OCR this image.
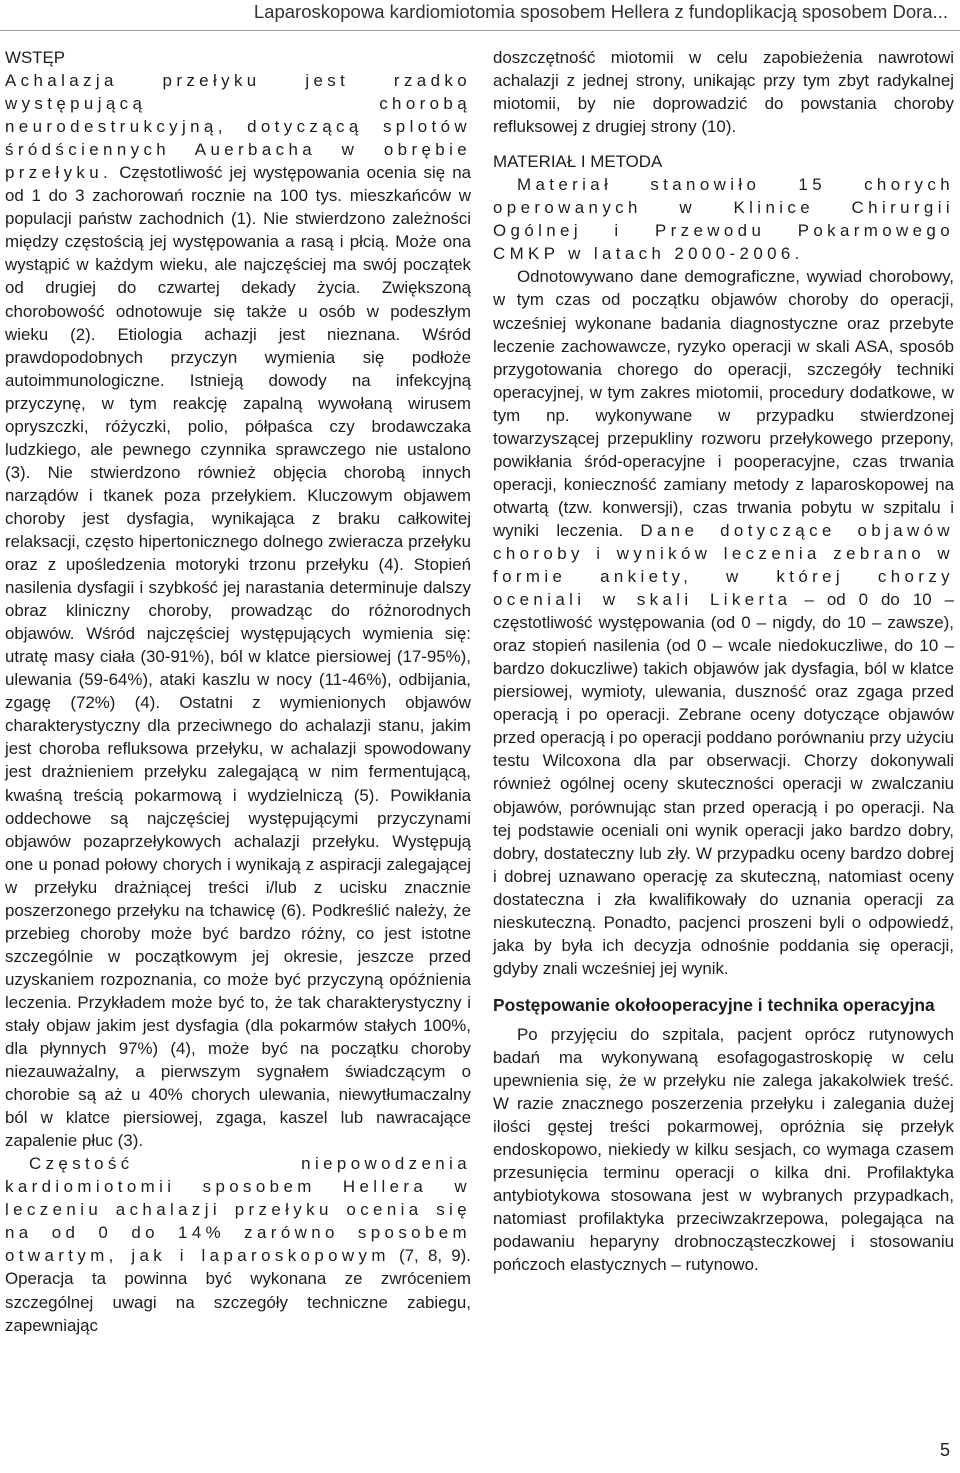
Laparoskopowa kardiomiotomia sposobem Hellera z fundoplikacją sposobem Dora...
WSTĘP

Achalazja przełyku jest rzadko występującą chorobą neurodestrukcyjną, dotyczącą splotów śródściennych Auerbacha w obrębie przełyku. Częstotliwość jej występowania ocenia się na od 1 do 3 zachorowań rocznie na 100 tys. mieszkańców w populacji państw zachodnich (1). Nie stwierdzono zależności między częstością jej występowania a rasą i płcią. Może ona wystąpić w każdym wieku, ale najczęściej ma swój początek od drugiej do czwartej dekady życia. Zwiększoną chorobowość odnotowuje się także u osób w podeszłym wieku (2). Etiologia achazji jest nieznana. Wśród prawdopodobnych przyczyn wymienia się podłoże autoimmunologiczne. Istnieją dowody na infekcyjną przyczynę, w tym reakcję zapalną wywołaną wirusem opryszczki, różyczki, polio, półpaśca czy brodawczaka ludzkiego, ale pewnego czynnika sprawczego nie ustalono (3). Nie stwierdzono również objęcia chorobą innych narządów i tkanek poza przełykiem. Kluczowym objawem choroby jest dysfagia, wynikająca z braku całkowitej relaksacji, często hipertonicznego dolnego zwieracza przełyku oraz z upośledzenia motoryki trzonu przełyku (4). Stopień nasilenia dysfagii i szybkość jej narastania determinuje dalszy obraz kliniczny choroby, prowadząc do różnorodnych objawów. Wśród najczęściej występujących wymienia się: utratę masy ciała (30-91%), ból w klatce piersiowej (17-95%), ulewania (59-64%), ataki kaszlu w nocy (11-46%), odbijania, zgagę (72%) (4). Ostatni z wymienionych objawów charakterystyczny dla przeciwnego do achalazji stanu, jakim jest choroba refluksowa przełyku, w achalazji spowodowany jest drażnieniem przełyku zalegającą w nim fermentującą, kwaśną treścią pokarmową i wydzielniczą (5). Powikłania oddechowe są najczęściej występującymi przyczynami objawów pozaprzełykowych achalazji przełyku. Występują one u ponad połowy chorych i wynikają z aspiracji zalegającej w przełyku drażniącej treści i/lub z ucisku znacznie poszerzonego przełyku na tchawicę (6). Podkreślić należy, że przebieg choroby może być bardzo różny, co jest istotne szczególnie w początkowym jej okresie, jeszcze przed uzyskaniem rozpoznania, co może być przyczyną opóźnienia leczenia. Przykładem może być to, że tak charakterystyczny i stały objaw jakim jest dysfagia (dla pokarmów stałych 100%, dla płynnych 97%) (4), może być na początku choroby niezauważalny, a pierwszym sygnałem świadczącym o chorobie są aż u 40% chorych ulewania, niewytłumaczalny ból w klatce piersiowej, zgaga, kaszel lub nawracające zapalenie płuc (3).

Częstość niepowodzenia kardiomiotomii sposobem Hellera w leczeniu achalazji przełyku ocenia się na od 0 do 14% zarówno sposobem otwartym, jak i laparoskopowym (7, 8, 9). Operacja ta powinna być wykonana ze zwróceniem szczególnej uwagi na szczegóły techniczne zabiegu, zapewniając

doszczętność miotomii w celu zapobieżenia nawrotowi achalazji z jednej strony, unikając przy tym zbyt radykalnej miotomii, by nie doprowadzić do powstania choroby refluksowej z drugiej strony (10).

MATERIAŁ I METODA

Materiał stanowiło 15 chorych operowanych w Klinice Chirurgii Ogólnej i Przewodu Pokarmowego CMKP w latach 2000-2006.

Odnotowywano dane demograficzne, wywiad chorobowy, w tym czas od początku objawów choroby do operacji, wcześniej wykonane badania diagnostyczne oraz przebyte leczenie zachowawcze, ryzyko operacji w skali ASA, sposób przygotowania chorego do operacji, szczegóły techniki operacyjnej, w tym zakres miotomii, procedury dodatkowe, w tym np. wykonywane w przypadku stwierdzonej towarzyszącej przepukliny rozworu przełykowego przepony, powikłania śród-operacyjne i pooperacyjne, czas trwania operacji, konieczność zamiany metody z laparoskopowej na otwartą (tzw. konwersji), czas trwania pobytu w szpitalu i wyniki leczenia. Dane dotyczące objawów choroby i wyników leczenia zebrano w formie ankiety, w której chorzy oceniali w skali Likerta – od 0 do 10 – częstotliwość występowania (od 0 – nigdy, do 10 – zawsze), oraz stopień nasilenia (od 0 – wcale niedokuczliwe, do 10 – bardzo dokuczliwe) takich objawów jak dysfagia, ból w klatce piersiowej, wymioty, ulewania, duszność oraz zgaga przed operacją i po operacji. Zebrane oceny dotyczące objawów przed operacją i po operacji poddano porównaniu przy użyciu testu Wilcoxona dla par obserwacji. Chorzy dokonywali również ogólnej oceny skuteczności operacji w zwalczaniu objawów, porównując stan przed operacją i po operacji. Na tej podstawie oceniali oni wynik operacji jako bardzo dobry, dobry, dostateczny lub zły. W przypadku oceny bardzo dobrej i dobrej uznawano operację za skuteczną, natomiast oceny dostateczna i zła kwalifikowały do uznania operacji za nieskuteczną. Ponadto, pacjenci proszeni byli o odpowiedź, jaka by była ich decyzja odnośnie poddania się operacji, gdyby znali wcześniej jej wynik.

Postępowanie okołooperacyjne i technika operacyjna

Po przyjęciu do szpitala, pacjent oprócz rutynowych badań ma wykonywaną esofagogastroskopię w celu upewnienia się, że w przełyku nie zalega jakakolwiek treść. W razie znacznego poszerzenia przełyku i zalegania dużej ilości gęstej treści pokarmowej, opróżnia się przełyk endoskopowo, niekiedy w kilku sesjach, co wymaga czasem przesunięcia terminu operacji o kilka dni. Profilaktyka antybiotykowa stosowana jest w wybranych przypadkach, natomiast profilaktyka przeciwzakrzepowa, polegająca na podawaniu heparyny drobnocząsteczkowej i stosowaniu pończoch elastycznych – rutynowo.

5
